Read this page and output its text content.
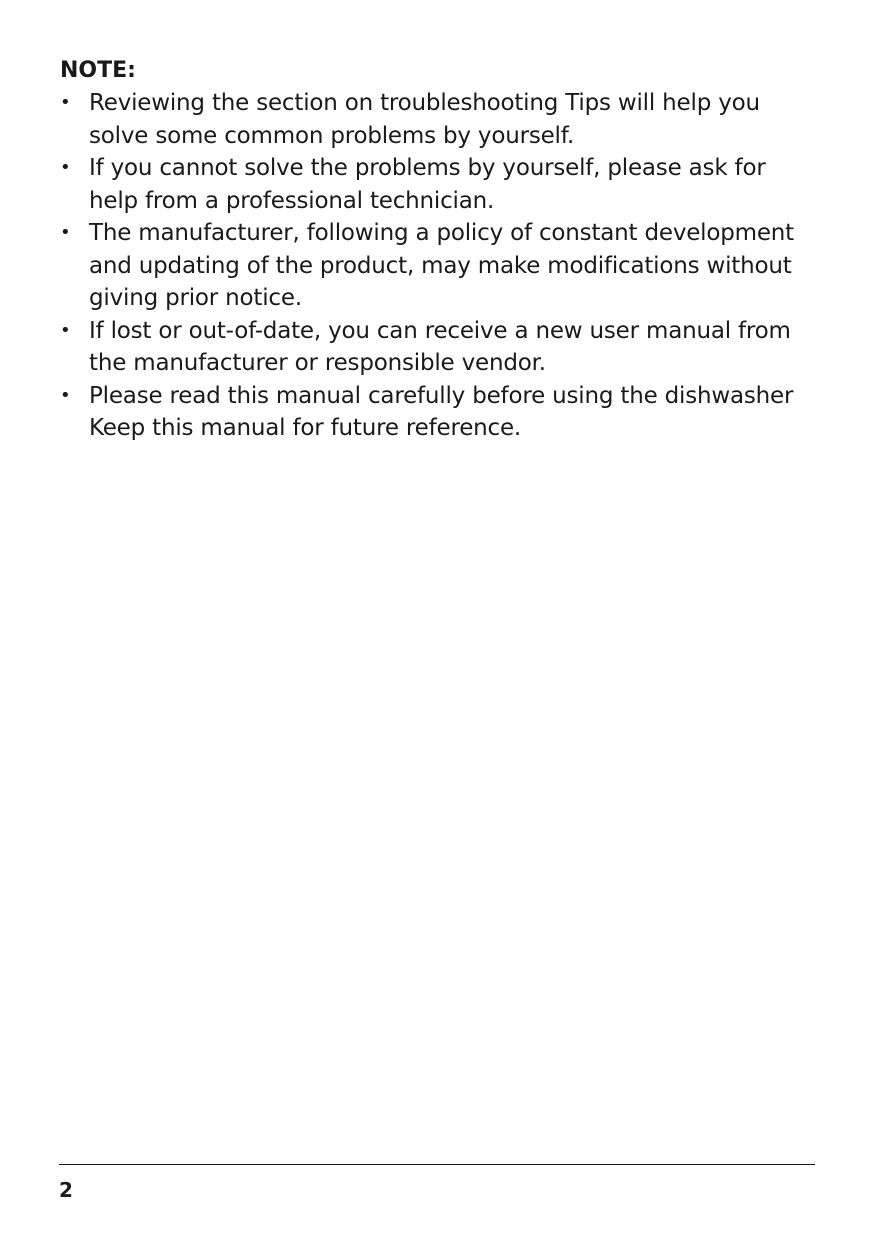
NOTE:
• Reviewing the section on troubleshooting Tips will help you solve some common problems by yourself.
• If you cannot solve the problems by yourself, please ask for help from a professional technician.
• The manufacturer, following a policy of constant development and updating of the product, may make modifications without giving prior notice.
• If lost or out-of-date, you can receive a new user manual from the manufacturer or responsible vendor.
• Please read this manual carefully before using the dishwasher Keep this manual for future reference.
2
